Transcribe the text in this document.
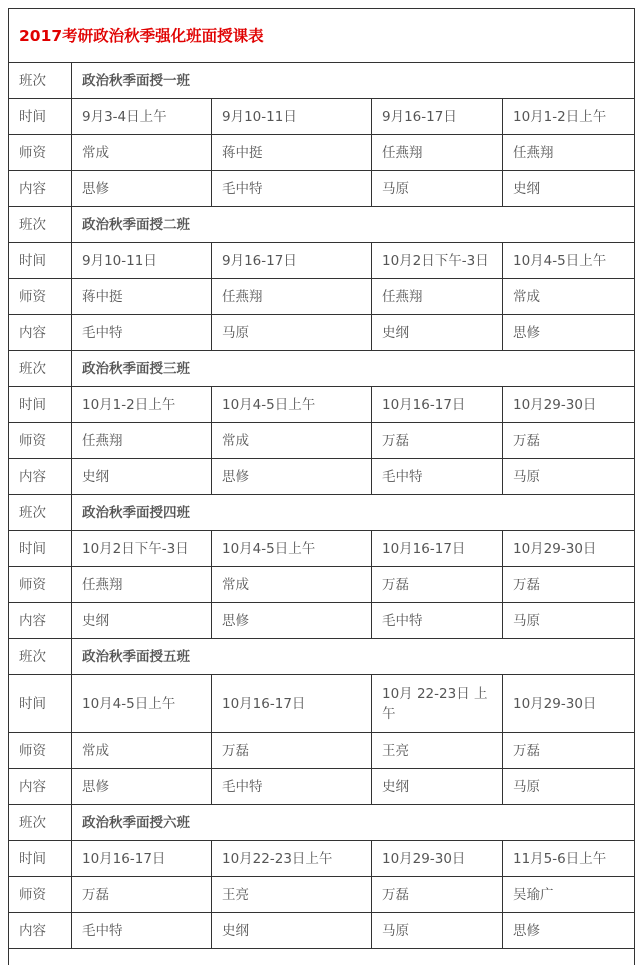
2017考研政治秋季强化班面授课表				
班次	政治秋季面授一班			
时间	9月3-4日上午	9月10-11日	9月16-17日	10月1-2日上午
师资	常成	蒋中挺	任燕翔	任燕翔
内容	思修	毛中特	马原	史纲
班次	政治秋季面授二班			
时间	9月10-11日	9月16-17日	10月2日下午-3日	10月4-5日上午
师资	蒋中挺	任燕翔	任燕翔	常成
内容	毛中特	马原	史纲	思修
班次	政治秋季面授三班			
时间	10月1-2日上午	10月4-5日上午	10月16-17日	10月29-30日
师资	任燕翔	常成	万磊	万磊
内容	史纲	思修	毛中特	马原
班次	政治秋季面授四班			
时间	10月2日下午-3日	10月4-5日上午	10月16-17日	10月29-30日
师资	任燕翔	常成	万磊	万磊
内容	史纲	思修	毛中特	马原
班次	政治秋季面授五班			
时间	10月4-5日上午	10月16-17日	10月 22-23日 上午	10月29-30日
师资	常成	万磊	王亮	万磊
内容	思修	毛中特	史纲	马原
班次	政治秋季面授六班			
时间	10月16-17日	10月22-23日上午	10月29-30日	11月5-6日上午
师资	万磊	王亮	万磊	吴瑜广
内容	毛中特	史纲	马原	思修
